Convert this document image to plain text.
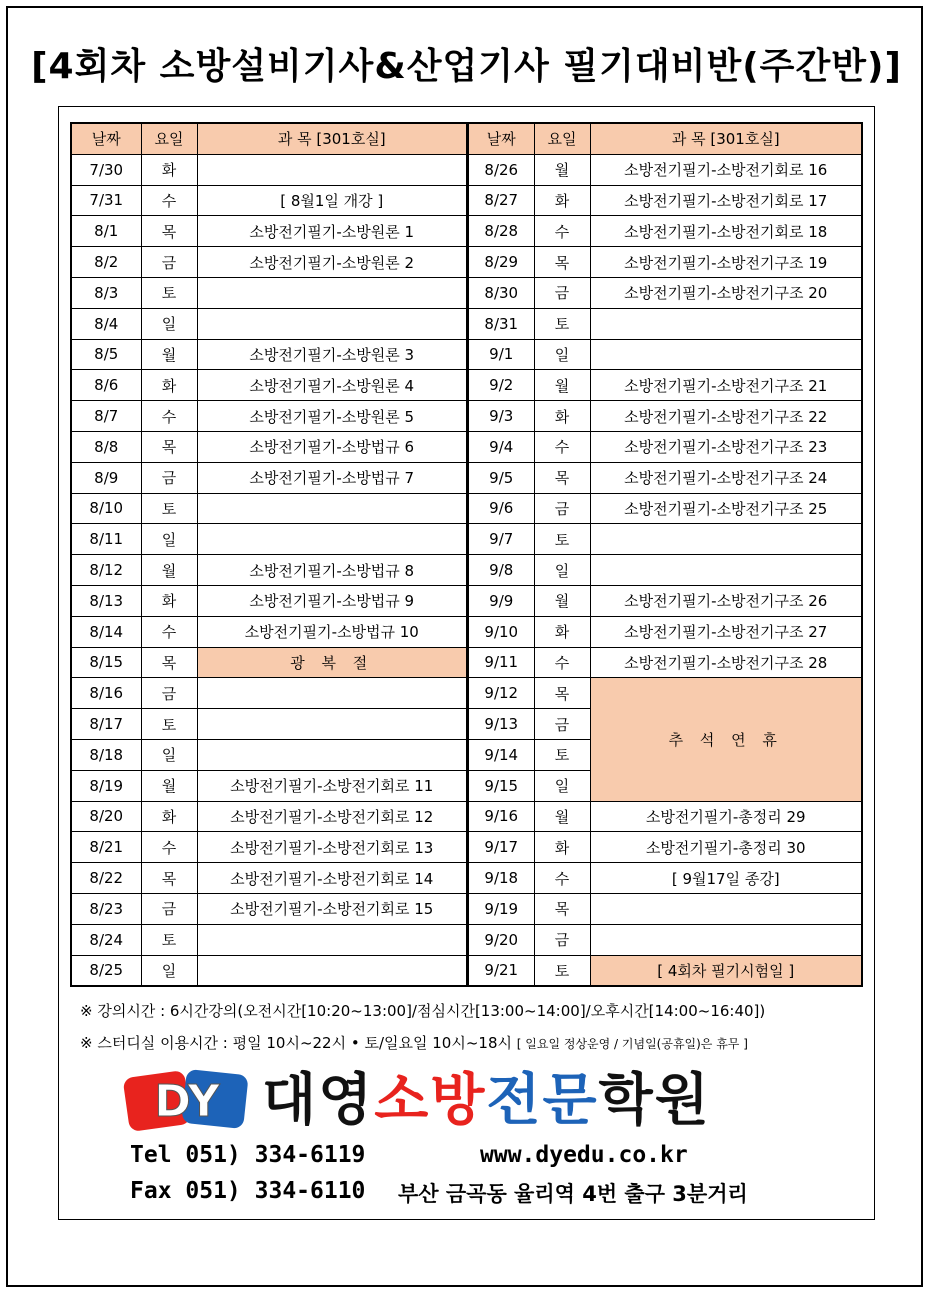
[4회차 소방설비기사&산업기사 필기대비반(주간반)]
날짜	요일	과 목 [301호실]
7/30	화	
7/31	수	[ 8월1일 개강 ]
8/1	목	소방전기필기-소방원론 1
8/2	금	소방전기필기-소방원론 2
8/3	토	
8/4	일	
8/5	월	소방전기필기-소방원론 3
8/6	화	소방전기필기-소방원론 4
8/7	수	소방전기필기-소방원론 5
8/8	목	소방전기필기-소방법규 6
8/9	금	소방전기필기-소방법규 7
8/10	토	
8/11	일	
8/12	월	소방전기필기-소방법규 8
8/13	화	소방전기필기-소방법규 9
8/14	수	소방전기필기-소방법규 10
8/15	목	광 복 절
8/16	금	
8/17	토	
8/18	일	
8/19	월	소방전기필기-소방전기회로 11
8/20	화	소방전기필기-소방전기회로 12
8/21	수	소방전기필기-소방전기회로 13
8/22	목	소방전기필기-소방전기회로 14
8/23	금	소방전기필기-소방전기회로 15
8/24	토	
8/25	일	
날짜	요일	과 목 [301호실]
8/26	월	소방전기필기-소방전기회로 16
8/27	화	소방전기필기-소방전기회로 17
8/28	수	소방전기필기-소방전기회로 18
8/29	목	소방전기필기-소방전기구조 19
8/30	금	소방전기필기-소방전기구조 20
8/31	토	
9/1	일	
9/2	월	소방전기필기-소방전기구조 21
9/3	화	소방전기필기-소방전기구조 22
9/4	수	소방전기필기-소방전기구조 23
9/5	목	소방전기필기-소방전기구조 24
9/6	금	소방전기필기-소방전기구조 25
9/7	토	
9/8	일	
9/9	월	소방전기필기-소방전기구조 26
9/10	화	소방전기필기-소방전기구조 27
9/11	수	소방전기필기-소방전기구조 28
9/12	목	추 석 연 휴
9/13	금	
9/14	토	
9/15	일	
9/16	월	소방전기필기-총정리 29
9/17	화	소방전기필기-총정리 30
9/18	수	[ 9월17일 종강]
9/19	목	
9/20	금	
9/21	토	[ 4회차 필기시험일 ]
※ 강의시간 : 6시간강의(오전시간[10:20~13:00]/점심시간[13:00~14:00]/오후시간[14:00~16:40])
※ 스터디실 이용시간 : 평일 10시~22시 • 토/일요일 10시~18시 [ 일요일 정상운영 / 기념일(공휴일)은 휴무 ]
DY 대영소방전문학원
Tel 051) 334-6119	www.dyedu.co.kr
Fax 051) 334-6110 부산 금곡동 율리역 4번 출구 3분거리
